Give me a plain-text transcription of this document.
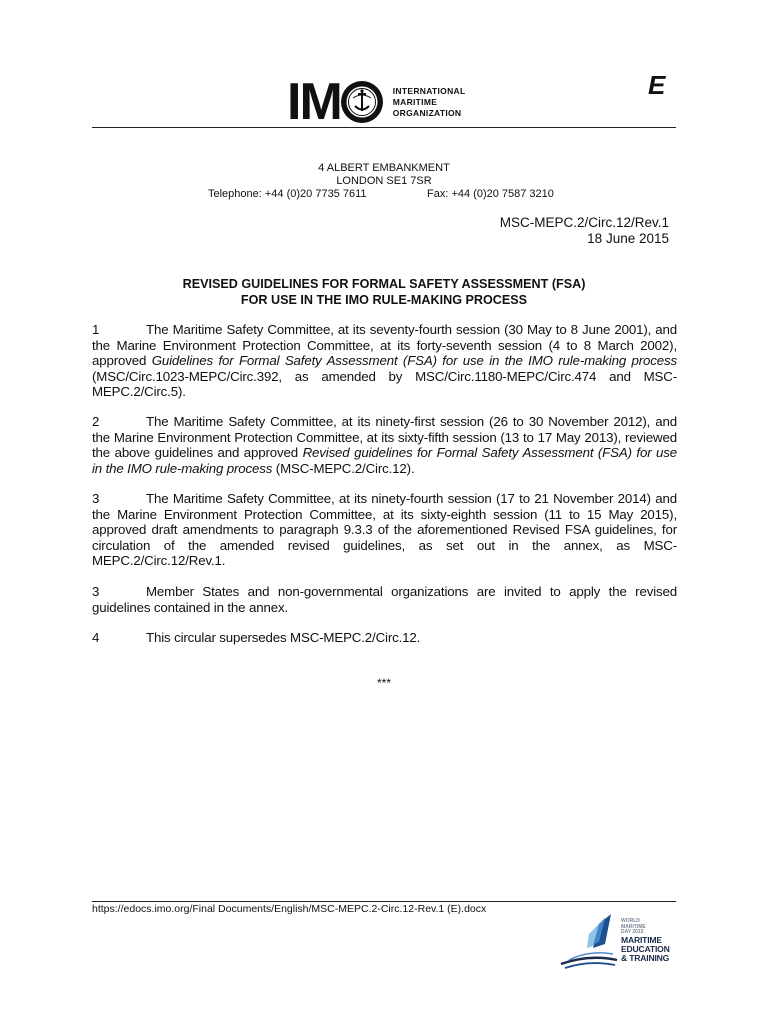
IM	INTERNATIONAL
MARITIME
ORGANIZATION
E
4 ALBERT EMBANKMENT
LONDON SE1 7SR
Telephone: +44 (0)20 7735 7611	Fax: +44 (0)20 7587 3210
MSC-MEPC.2/Circ.12/Rev.1
18 June 2015
REVISED GUIDELINES FOR FORMAL SAFETY ASSESSMENT (FSA)
FOR USE IN THE IMO RULE-MAKING PROCESS
1	The Maritime Safety Committee, at its seventy-fourth session (30 May to 8 June 2001), and the Marine Environment Protection Committee, at its forty-seventh session (4 to 8 March 2002), approved Guidelines for Formal Safety Assessment (FSA) for use in the IMO rule-making process (MSC/Circ.1023-MEPC/Circ.392, as amended by MSC/Circ.1180-MEPC/Circ.474 and MSC-MEPC.2/Circ.5).
2	The Maritime Safety Committee, at its ninety-first session (26 to 30 November 2012), and the Marine Environment Protection Committee, at its sixty-fifth session (13 to 17 May 2013), reviewed the above guidelines and approved Revised guidelines for Formal Safety Assessment (FSA) for use in the IMO rule-making process (MSC-MEPC.2/Circ.12).
3	The Maritime Safety Committee, at its ninety-fourth session (17 to 21 November 2014) and the Marine Environment Protection Committee, at its sixty-eighth session (11 to 15 May 2015), approved draft amendments to paragraph 9.3.3 of the aforementioned Revised FSA guidelines, for circulation of the amended revised guidelines, as set out in the annex, as MSC-MEPC.2/Circ.12/Rev.1.
3	Member States and non-governmental organizations are invited to apply the revised guidelines contained in the annex.
4	This circular supersedes MSC-MEPC.2/Circ.12.
***
https://edocs.imo.org/Final Documents/English/MSC-MEPC.2-Circ.12-Rev.1 (E).docx
WORLD
MARITIME
DAY 2015
MARITIME
EDUCATION
& TRAINING
